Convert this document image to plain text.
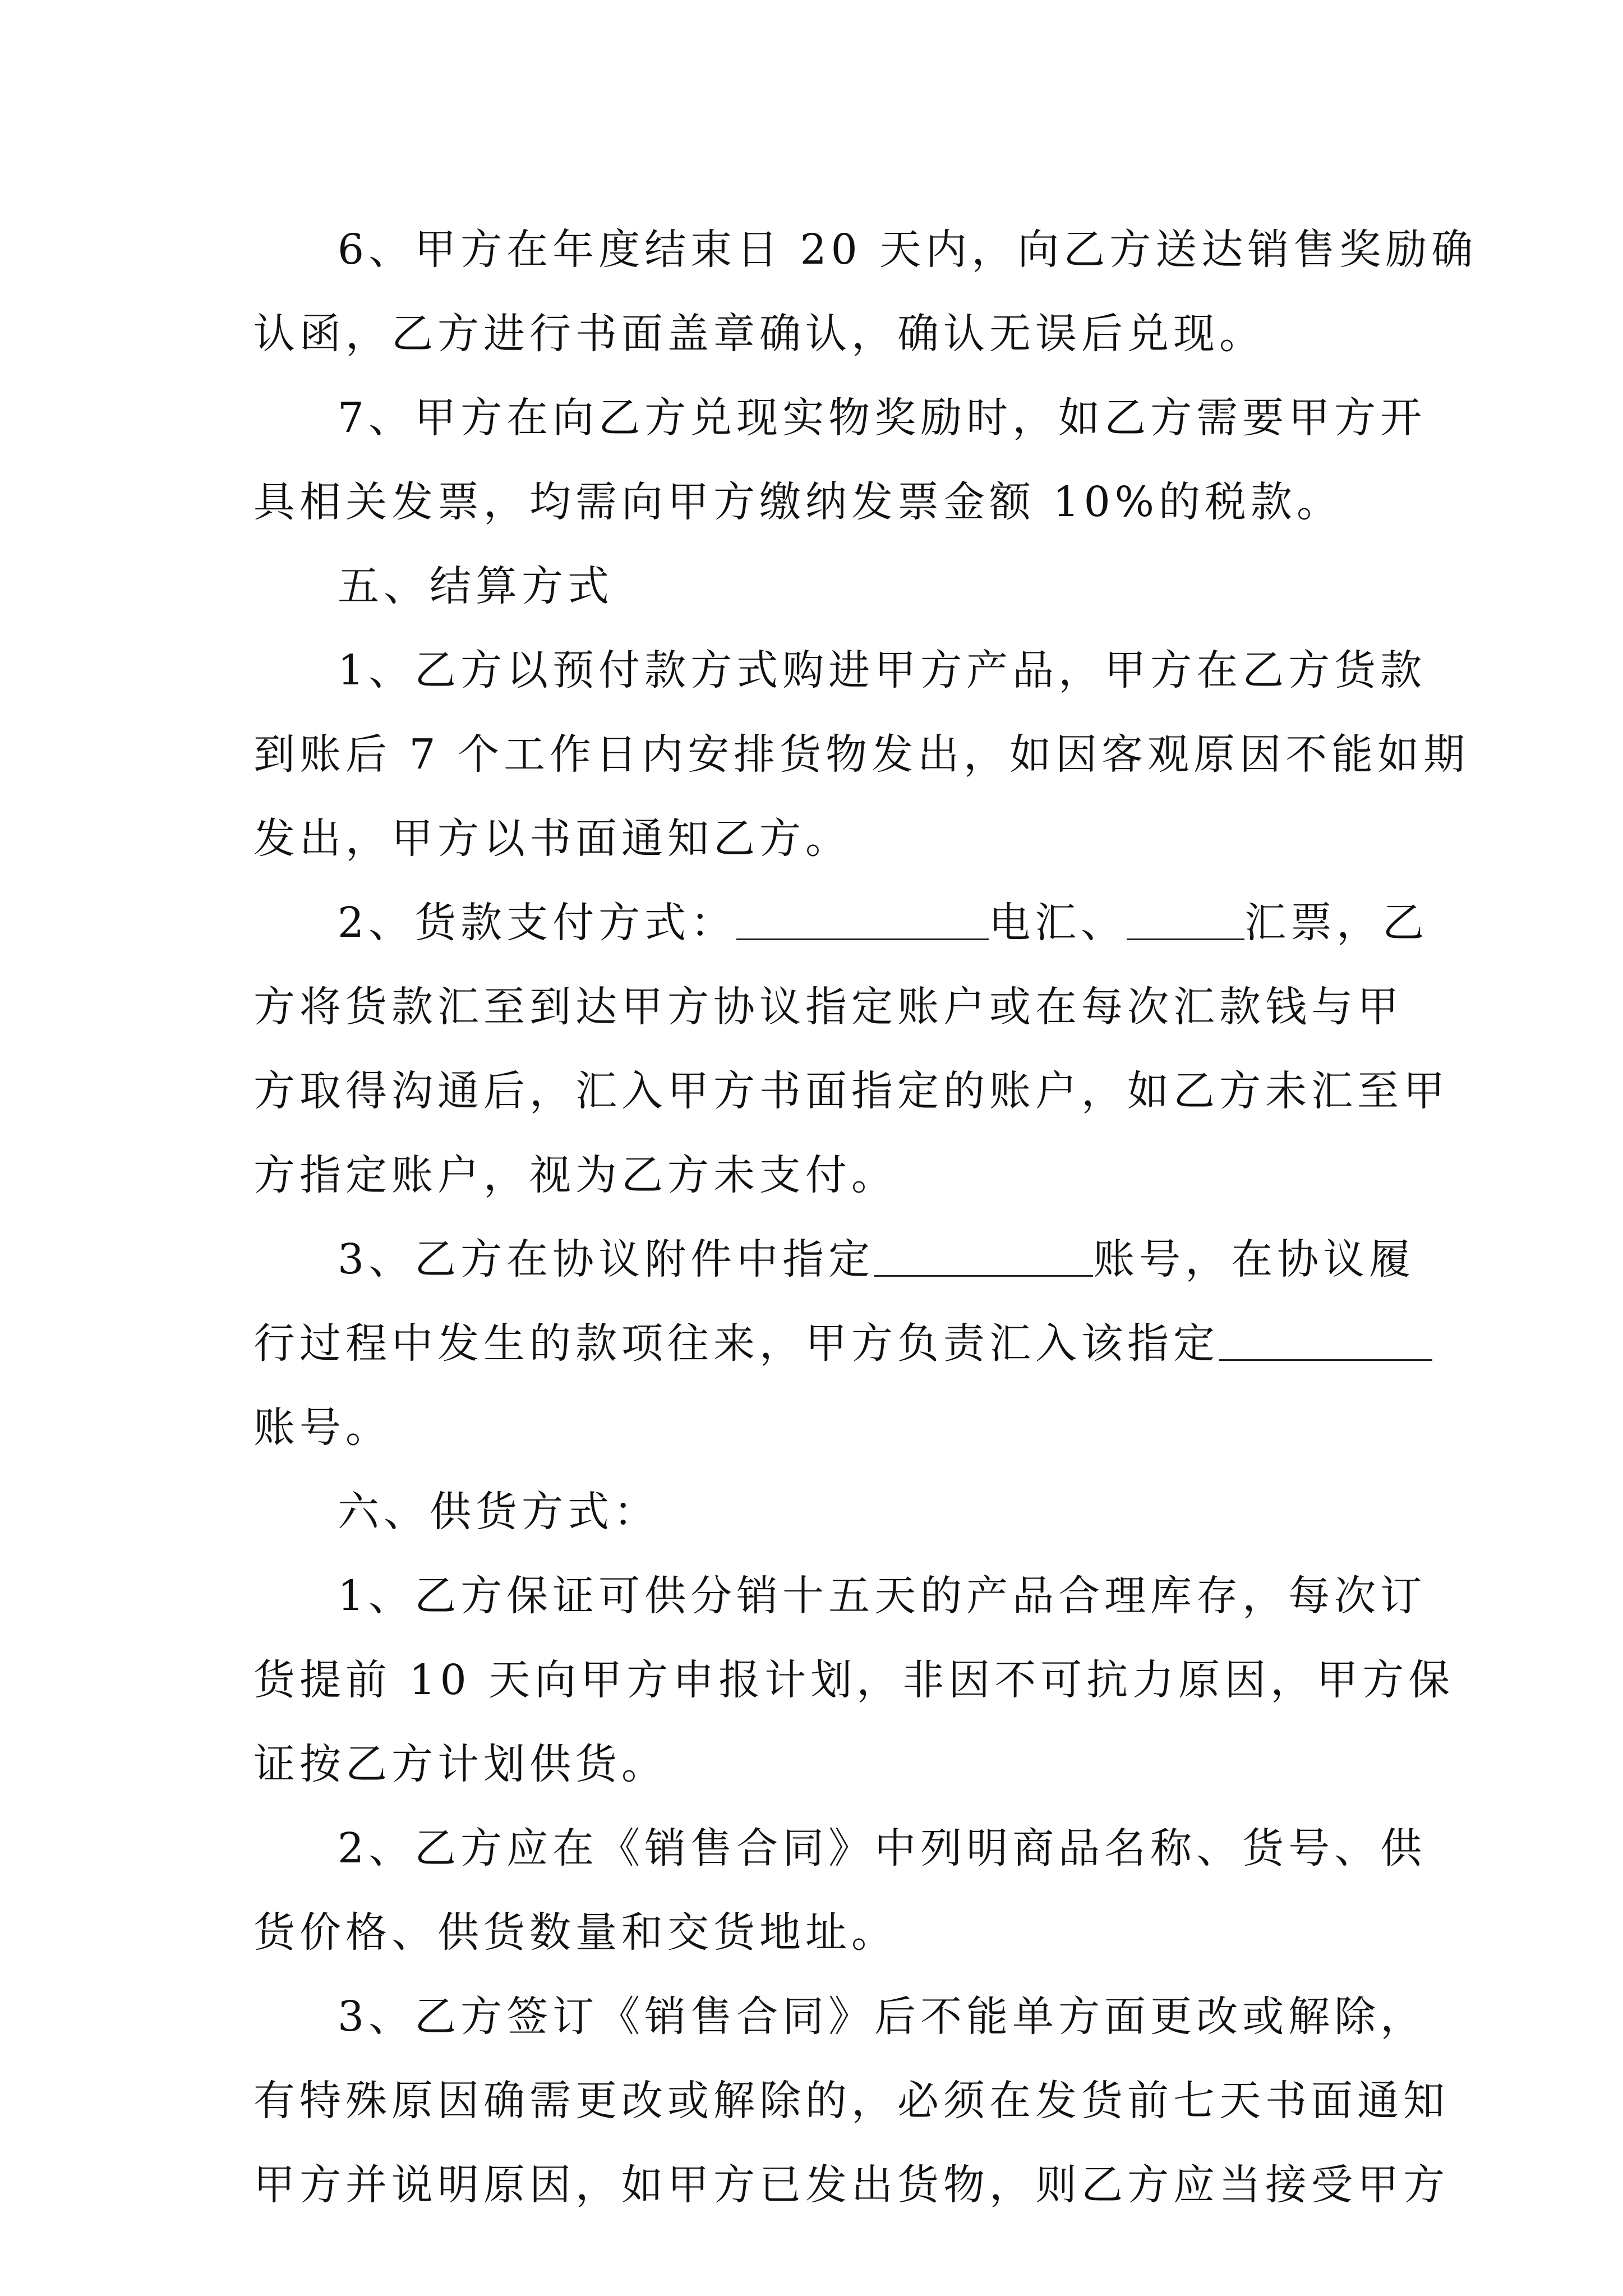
6、甲方在年度结束日 20 天内，向乙方送达销售奖励确
认函，乙方进行书面盖章确认，确认无误后兑现。
7、甲方在向乙方兑现实物奖励时，如乙方需要甲方开
具相关发票，均需向甲方缴纳发票金额 10%的税款。
五、结算方式
1、乙方以预付款方式购进甲方产品，甲方在乙方货款
到账后 7 个工作日内安排货物发出，如因客观原因不能如期
发出，甲方以书面通知乙方。
2、货款支付方式：	电汇、	汇票，乙
方将货款汇至到达甲方协议指定账户或在每次汇款钱与甲
方取得沟通后，汇入甲方书面指定的账户，如乙方未汇至甲
方指定账户，视为乙方未支付。
3、乙方在协议附件中指定	账号，在协议履
行过程中发生的款项往来，甲方负责汇入该指定
账号。
六、供货方式：
1、乙方保证可供分销十五天的产品合理库存，每次订
货提前 10 天向甲方申报计划，非因不可抗力原因，甲方保
证按乙方计划供货。
2、乙方应在《销售合同》中列明商品名称、货号、供
货价格、供货数量和交货地址。
3、乙方签订《销售合同》后不能单方面更改或解除，
有特殊原因确需更改或解除的，必须在发货前七天书面通知
甲方并说明原因，如甲方已发出货物，则乙方应当接受甲方
